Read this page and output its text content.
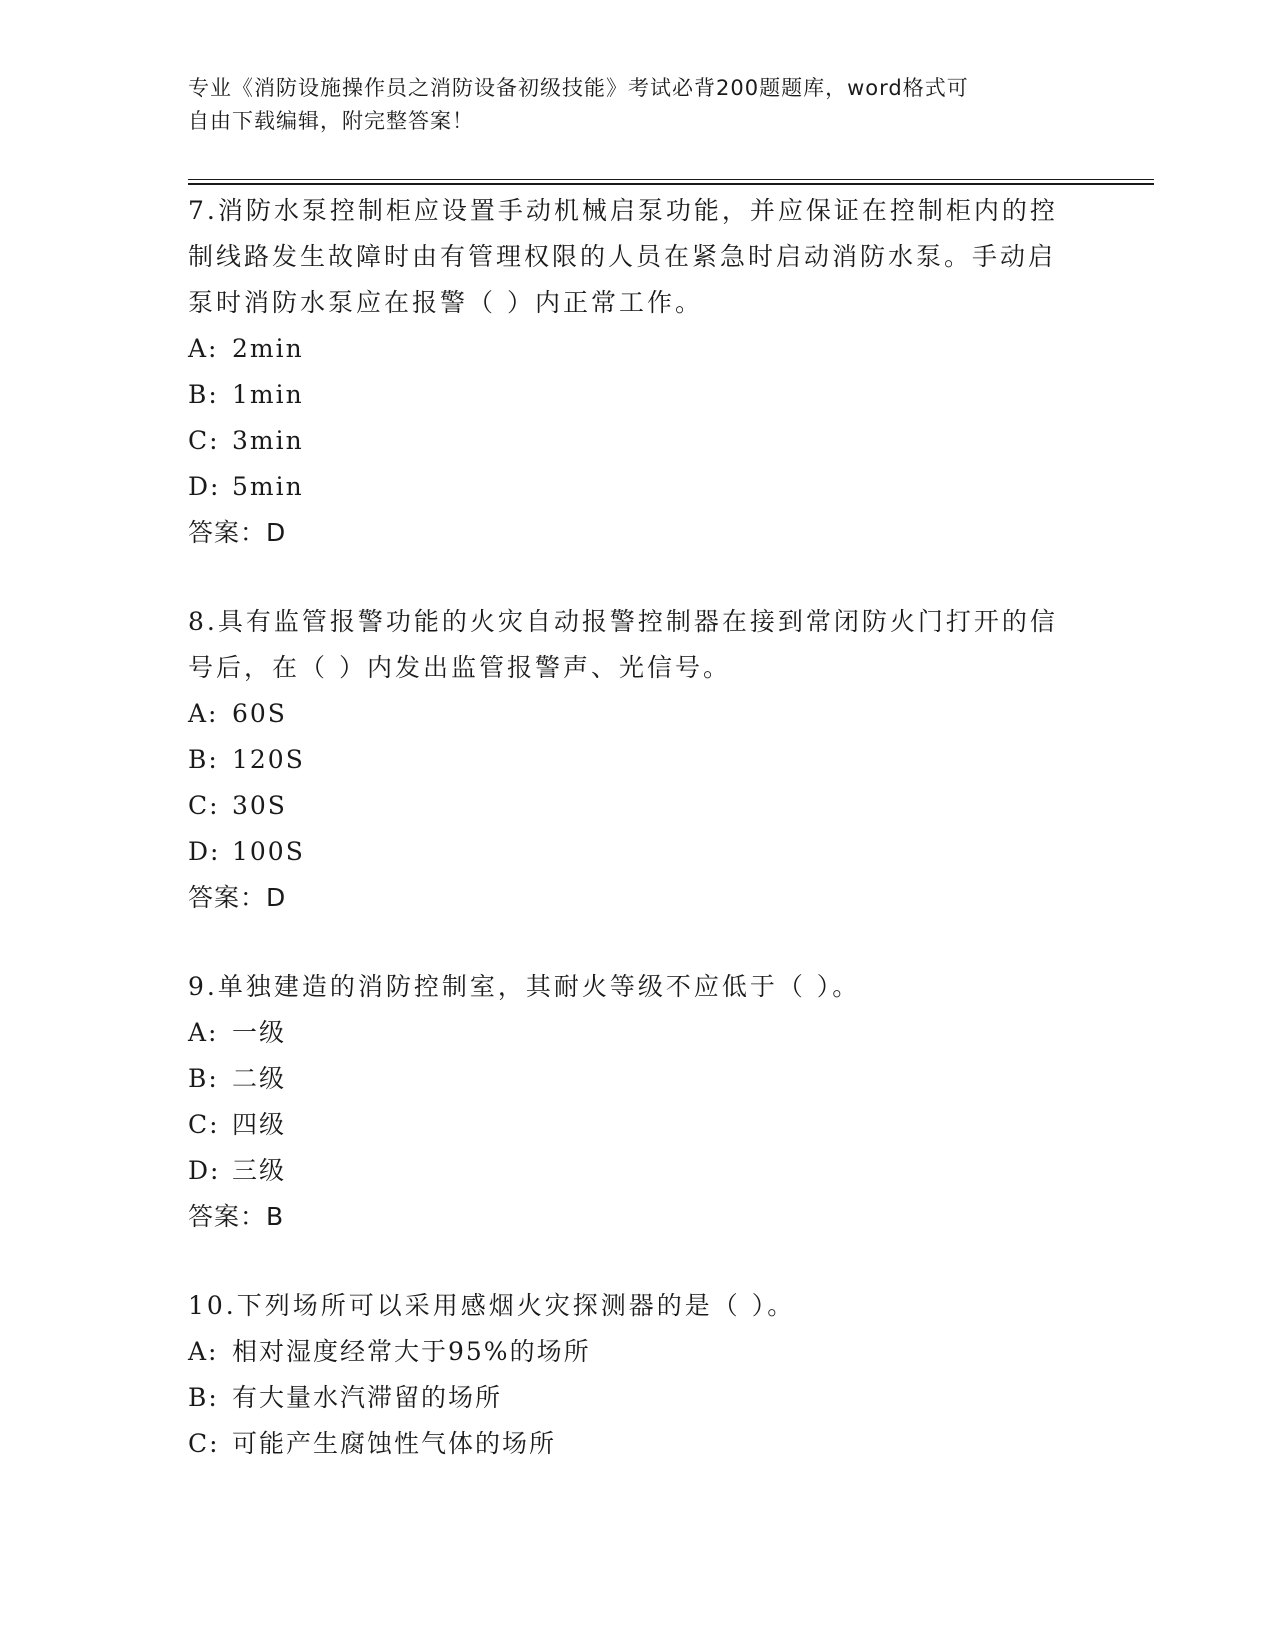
专业《消防设施操作员之消防设备初级技能》考试必背200题题库，word格式可
自由下载编辑，附完整答案！

7.消防水泵控制柜应设置手动机械启泵功能，并应保证在控制柜内的控制线路发生故障时由有管理权限的人员在紧急时启动消防水泵。手动启泵时消防水泵应在报警（ ）内正常工作。

A: 2min

B: 1min

C: 3min

D: 5min

答案：D

8.具有监管报警功能的火灾自动报警控制器在接到常闭防火门打开的信号后，在（ ）内发出监管报警声、光信号。

A: 60S

B: 120S

C: 30S

D: 100S

答案：D

9.单独建造的消防控制室，其耐火等级不应低于（ ）。

A: 一级

B: 二级

C: 四级

D: 三级

答案：B

10.下列场所可以采用感烟火灾探测器的是（ ）。

A: 相对湿度经常大于95%的场所

B: 有大量水汽滞留的场所

C: 可能产生腐蚀性气体的场所
